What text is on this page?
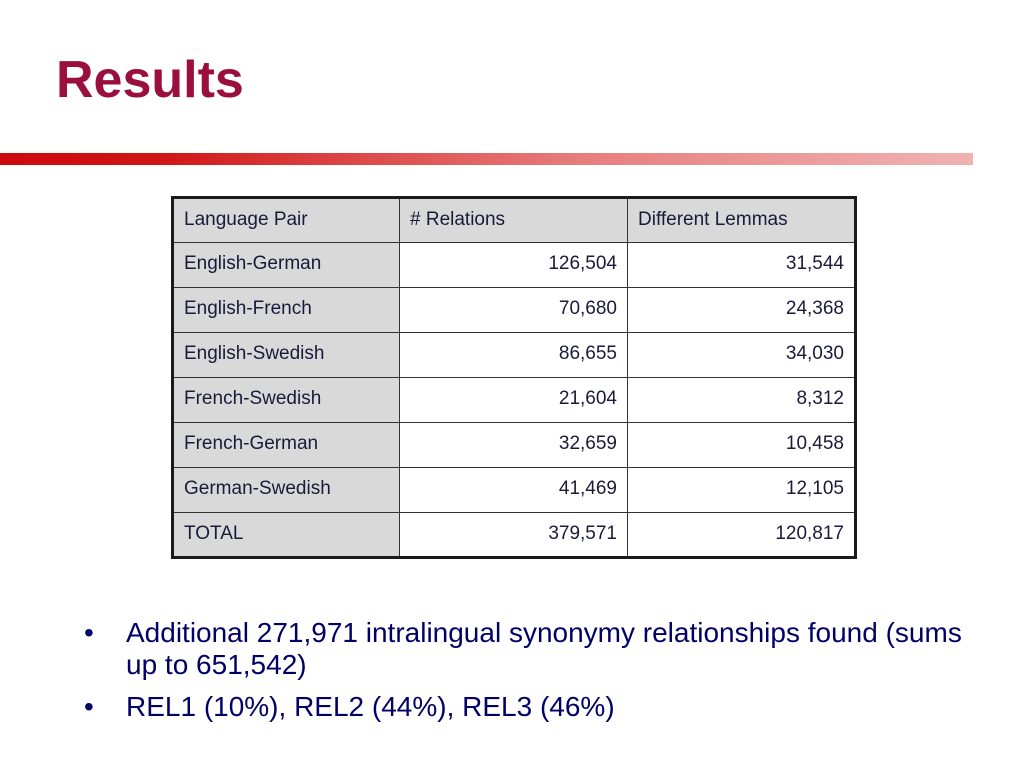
Results
Language Pair	# Relations	Different Lemmas
English-German	126,504	31,544
English-French	70,680	24,368
English-Swedish	86,655	34,030
French-Swedish	21,604	8,312
French-German	32,659	10,458
German-Swedish	41,469	12,105
TOTAL	379,571	120,817
• Additional 271,971 intralingual synonymy relationships found (sums up to 651,542)
• REL1 (10%), REL2 (44%), REL3 (46%)
